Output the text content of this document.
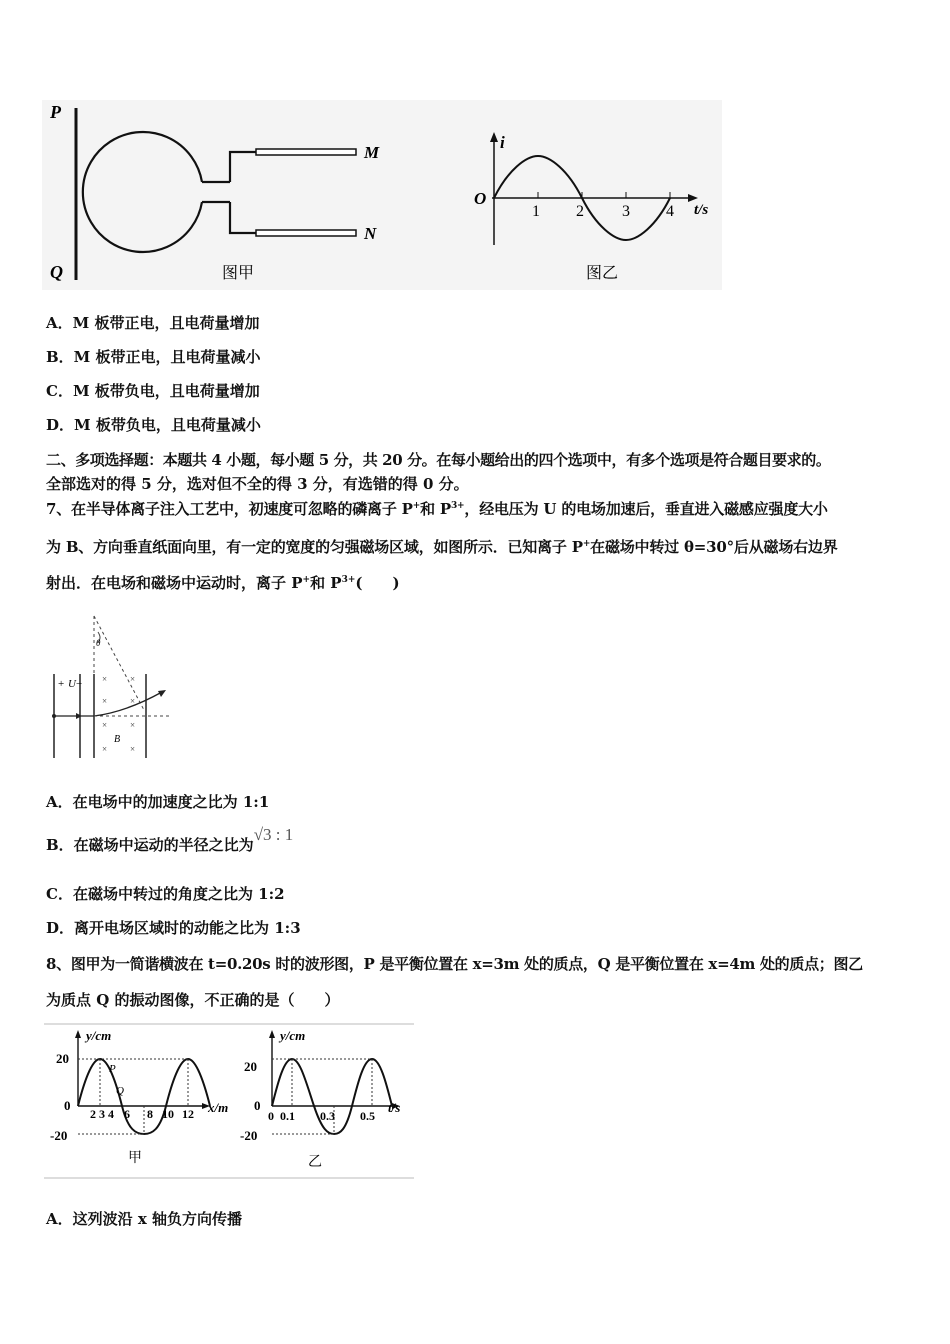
P
Q
M
N
图甲
i
O
t/s
1 2 3 4
图乙
A．M 板带正电，且电荷量增加
B．M 板带正电，且电荷量减小
C．M 板带负电，且电荷量增加
D．M 板带负电，且电荷量减小
二、多项选择题：本题共 4 小题，每小题 5 分，共 20 分。在每小题给出的四个选项中，有多个选项是符合题目要求的。
全部选对的得 5 分，选对但不全的得 3 分，有选错的得 0 分。
7、在半导体离子注入工艺中，初速度可忽略的磷离子 P+和 $P^{3+}$，经电压为 U 的电场加速后，垂直进入磁感应强度大小
为 B、方向垂直纸面向里，有一定的宽度的匀强磁场区域，如图所示．已知离子 P+在磁场中转过 θ=30°后从磁场右边界
射出．在电场和磁场中运动时，离子 P+和 $P^{3+}$(　　)
+ U −
θ
×	×
×	×
×	×
×	×
B
A．在电场中的加速度之比为 1:1
B．在磁场中运动的半径之比为√3 : 1
C．在磁场中转过的角度之比为 1:2
D．离开电场区域时的动能之比为 1:3
8、图甲为一简谐横波在 t=0.20s 时的波形图，P 是平衡位置在 x=3m 处的质点，Q 是平衡位置在 x=4m 处的质点；图乙
为质点 Q 的振动图像，不正确的是（　　）
y/cm
x/m
20
0
-20
P
Q
2 3 4 6 8 10 12
甲
y/cm
t/s
20
0
-20
0 0.1 0.3 0.5
乙
A．这列波沿 x 轴负方向传播
